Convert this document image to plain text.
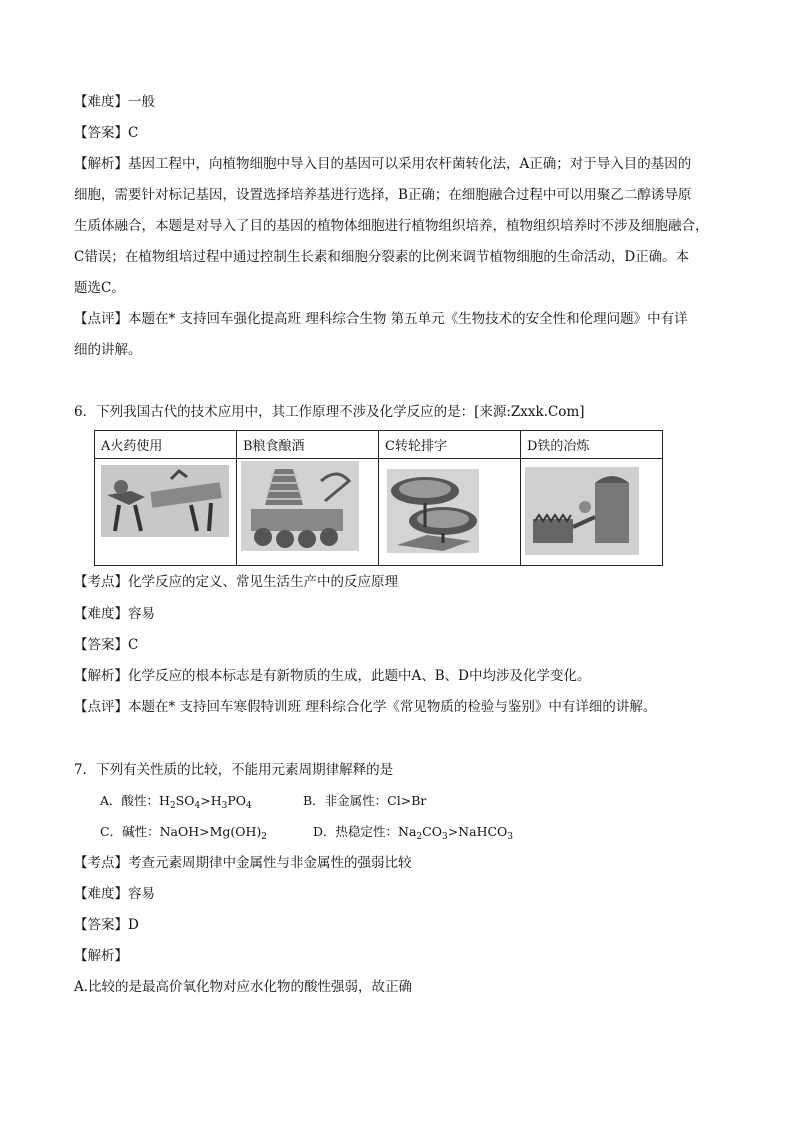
【难度】一般
【答案】C
【解析】基因工程中，向植物细胞中导入目的基因可以采用农杆菌转化法，A正确；对于导入目的基因的
细胞，需要针对标记基因，设置选择培养基进行选择，B正确；在细胞融合过程中可以用聚乙二醇诱导原
生质体融合，本题是对导入了目的基因的植物体细胞进行植物组织培养，植物组织培养时不涉及细胞融合，
C错误；在植物组培过程中通过控制生长素和细胞分裂素的比例来调节植物细胞的生命活动，D正确。本
题选C。
【点评】本题在* 支持回车强化提高班 理科综合生物 第五单元《生物技术的安全性和伦理问题》中有详
细的讲解。
6．下列我国古代的技术应用中，其工作原理不涉及化学反应的是：[来源:Zxxk.Com]
A火药使用	B粮食酿酒	C转轮排字	D铁的冶炼

【考点】化学反应的定义、常见生活生产中的反应原理
【难度】容易
【答案】C
【解析】化学反应的根本标志是有新物质的生成，此题中A、B、D中均涉及化学变化。
【点评】本题在* 支持回车寒假特训班 理科综合化学《常见物质的检验与鉴别》中有详细的讲解。
7．下列有关性质的比较，不能用元素周期律解释的是
A．酸性：$H_2SO_4>H_3PO_4$	B．非金属性：Cl>Br
C．碱性：$NaOH>Mg(OH)_2$	D．热稳定性：$Na_2CO_3>NaHCO_3$
【考点】考查元素周期律中金属性与非金属性的强弱比较
【难度】容易
【答案】D
【解析】
A.比较的是最高价氧化物对应水化物的酸性强弱，故正确
